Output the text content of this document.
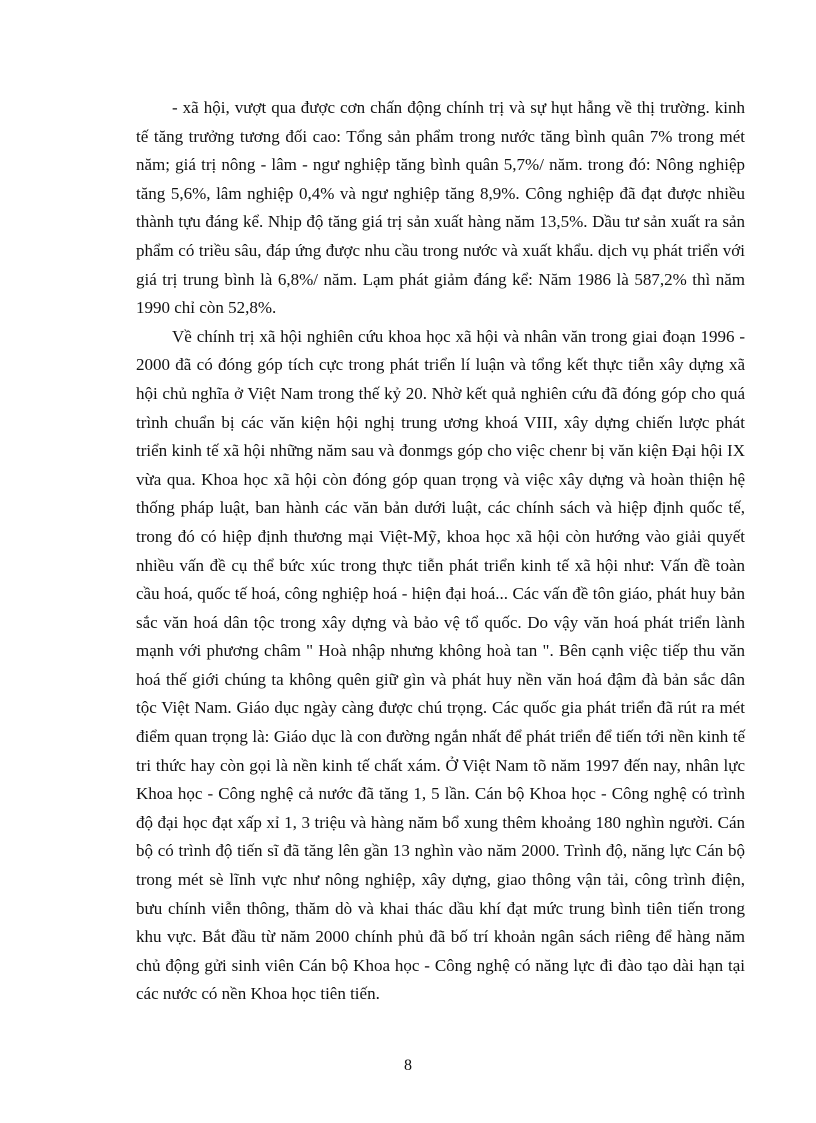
- xã hội, vượt qua được cơn chấn động chính trị và sự hụt hẫng về thị trường. kinh tế tăng trưởng tương đối cao: Tổng sản phẩm trong nước tăng bình quân 7% trong mét năm; giá trị nông - lâm - ngư nghiệp tăng bình quân 5,7%/ năm. trong đó: Nông nghiệp tăng 5,6%, lâm nghiệp 0,4% và ngư nghiệp tăng 8,9%. Công nghiệp đã đạt được nhiều thành tựu đáng kể. Nhịp độ tăng giá trị sản xuất hàng năm 13,5%. Dầu tư sản xuất ra sản phẩm có triều sâu, đáp ứng được nhu cầu trong nước và xuất khẩu. dịch vụ phát triển với giá trị trung bình là 6,8%/ năm. Lạm phát giảm đáng kể: Năm 1986 là 587,2% thì năm 1990 chỉ còn 52,8%.

Về chính trị xã hội nghiên cứu khoa học xã hội và nhân văn trong giai đoạn 1996 - 2000 đã có đóng góp tích cực trong phát triển lí luận và tổng kết thực tiễn xây dựng xã hội chủ nghĩa ở Việt Nam trong thế kỷ 20. Nhờ kết quả nghiên cứu đã đóng góp cho quá trình chuẩn bị các văn kiện hội nghị trung ương khoá VIII, xây dựng chiến lược phát triển kinh tế xã hội những năm sau và đonmgs góp cho việc chenr bị văn kiện Đại hội IX vừa qua. Khoa học xã hội còn đóng góp quan trọng và việc xây dựng và hoàn thiện hệ thống pháp luật, ban hành các văn bản dưới luật, các chính sách và hiệp định quốc tế, trong đó có hiệp định thương mại Việt-Mỹ, khoa học xã hội còn hướng vào giải quyết nhiều vấn đề cụ thể bức xúc trong thực tiễn phát triển kinh tế xã hội như: Vấn đề toàn cầu hoá, quốc tế hoá, công nghiệp hoá - hiện đại hoá... Các vấn đề tôn giáo, phát huy bản sắc văn hoá dân tộc trong xây dựng và bảo vệ tổ quốc. Do vậy văn hoá phát triển lành mạnh với phương châm " Hoà nhập nhưng không hoà tan ". Bên cạnh việc tiếp thu văn hoá thế giới chúng ta không quên giữ gìn và phát huy nền văn hoá đậm đà bản sắc dân tộc Việt Nam. Giáo dục ngày càng được chú trọng. Các quốc gia phát triển đã rút ra mét điểm quan trọng là: Giáo dục là con đường ngắn nhất để phát triển để tiến tới nền kinh tế tri thức hay còn gọi là nền kinh tế chất xám. Ở Việt Nam tõ năm 1997 đến nay, nhân lực Khoa học - Công nghệ cả nước đã tăng 1, 5 lần. Cán bộ Khoa học - Công nghệ có trình độ đại học đạt xấp xỉ 1, 3 triệu và hàng năm bổ xung thêm khoảng 180 nghìn người. Cán bộ có trình độ tiến sĩ đã tăng lên gần 13 nghìn vào năm 2000. Trình độ, năng lực Cán bộ trong mét sè lĩnh vực như nông nghiệp, xây dựng, giao thông vận tải, công trình điện, bưu chính viễn thông, thăm dò và khai thác dầu khí đạt mức trung bình tiên tiến trong khu vực. Bắt đầu từ năm 2000 chính phủ đã bố trí khoản ngân sách riêng để hàng năm chủ động gửi sinh viên Cán bộ Khoa học - Công nghệ có năng lực đi đào tạo dài hạn tại các nước có nền Khoa học tiên tiến.

8
